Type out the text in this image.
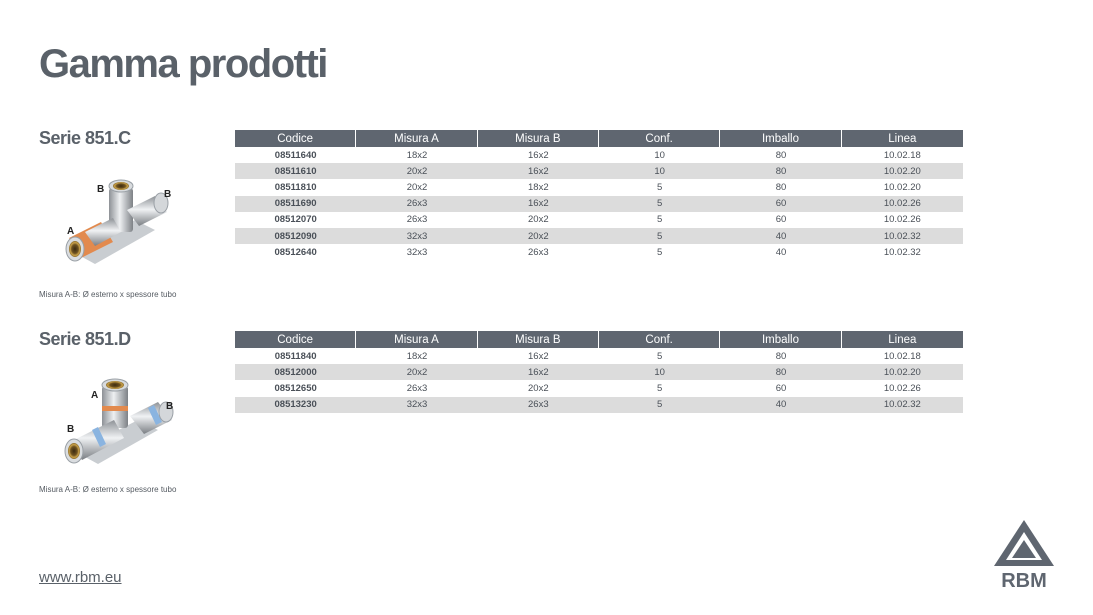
Gamma prodotti
Serie 851.C
B	B
A
Misura A-B: Ø esterno x spessore tubo
Codice	Misura A	Misura B	Conf.	Imballo	Linea
08511640	18x2	16x2	10	80	10.02.18
08511610	20x2	16x2	10	80	10.02.20
08511810	20x2	18x2	5	80	10.02.20
08511690	26x3	16x2	5	60	10.02.26
08512070	26x3	20x2	5	60	10.02.26
08512090	32x3	20x2	5	40	10.02.32
08512640	32x3	26x3	5	40	10.02.32
Serie 851.D
A
B
B
Misura A-B: Ø esterno x spessore tubo
Codice	Misura A	Misura B	Conf.	Imballo	Linea
08511840	18x2	16x2	5	80	10.02.18
08512000	20x2	16x2	10	80	10.02.20
08512650	26x3	20x2	5	60	10.02.26
08513230	32x3	26x3	5	40	10.02.32
www.rbm.eu	RBM
